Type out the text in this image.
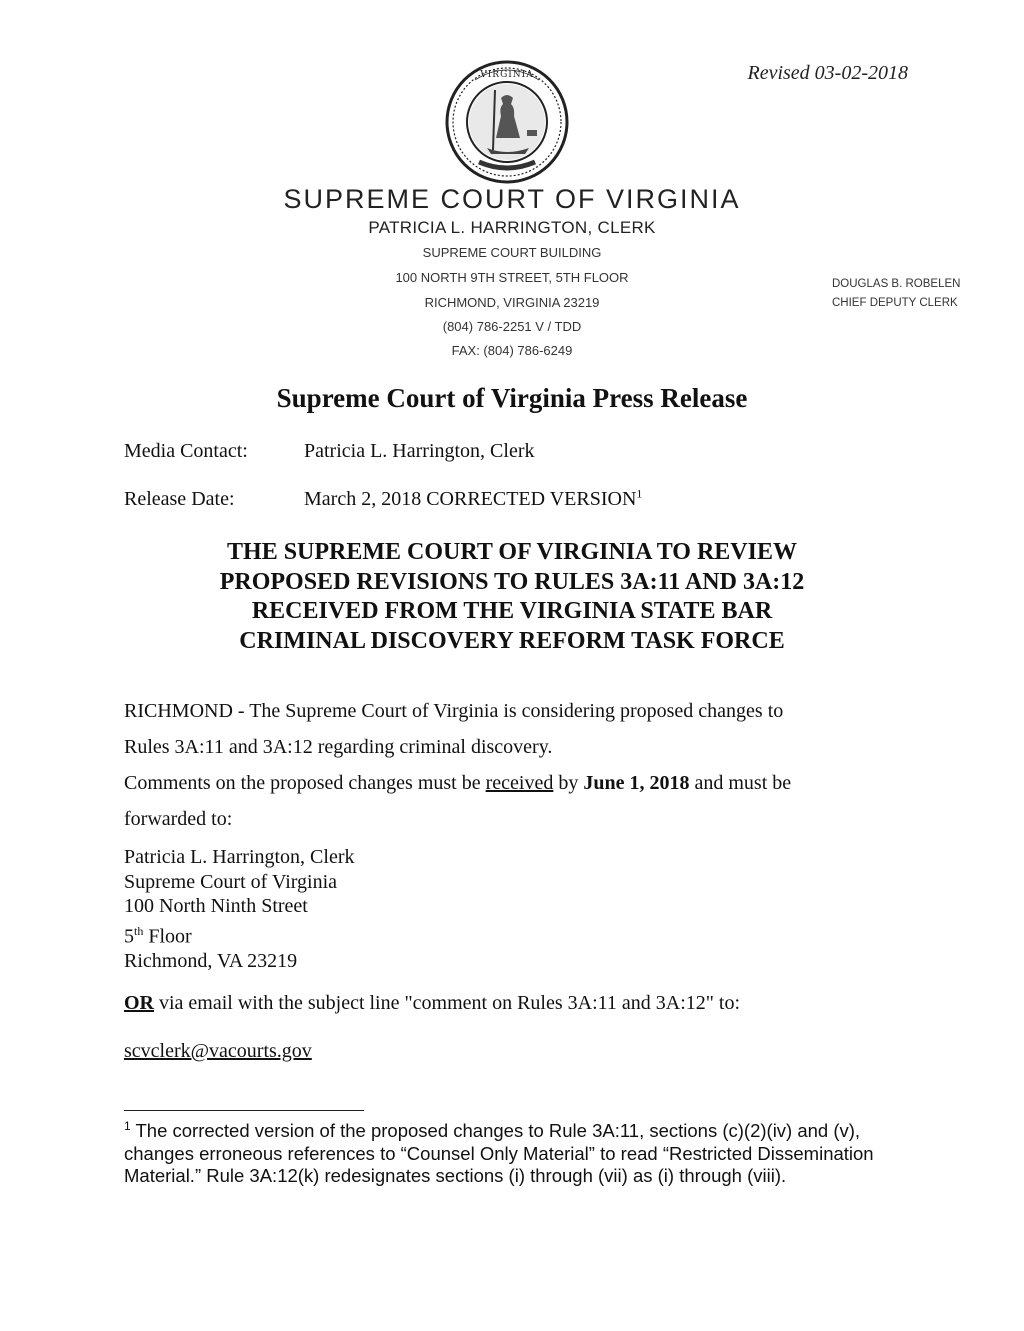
Revised 03-02-2018
VIRGINIA
SUPREME COURT OF VIRGINIA
PATRICIA L. HARRINGTON, CLERK
SUPREME COURT BUILDING
100 NORTH 9TH STREET, 5TH FLOOR
RICHMOND, VIRGINIA 23219
(804) 786-2251 V / TDD
FAX: (804) 786-6249
DOUGLAS B. ROBELEN
CHIEF DEPUTY CLERK
Supreme Court of Virginia Press Release
Media Contact:	Patricia L. Harrington, Clerk
Release Date:	March 2, 2018 CORRECTED VERSION$^1$
THE SUPREME COURT OF VIRGINIA TO REVIEW
PROPOSED REVISIONS TO RULES 3A:11 AND 3A:12
RECEIVED FROM THE VIRGINIA STATE BAR
CRIMINAL DISCOVERY REFORM TASK FORCE
RICHMOND - The Supreme Court of Virginia is considering proposed changes to
Rules 3A:11 and 3A:12 regarding criminal discovery.
Comments on the proposed changes must be received by June 1, 2018 and must be
forwarded to:
Patricia L. Harrington, Clerk
Supreme Court of Virginia
100 North Ninth Street
5th Floor
Richmond, VA 23219
OR via email with the subject line "comment on Rules 3A:11 and 3A:12" to:
scvclerk@vacourts.gov
$^1$ The corrected version of the proposed changes to Rule 3A:11, sections (c)(2)(iv) and (v), changes erroneous references to “Counsel Only Material” to read “Restricted Dissemination Material.” Rule 3A:12(k) redesignates sections (i) through (vii) as (i) through (viii).
